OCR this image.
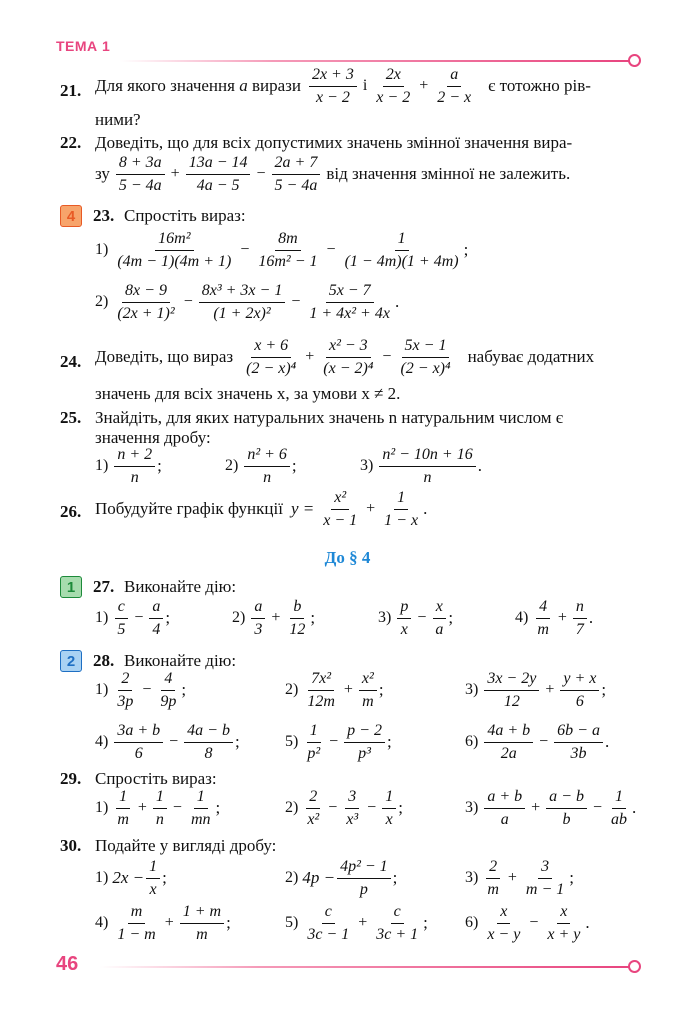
ТЕМА 1
21. Для якого значення
a
вирази $\frac{2x + 3}{x - 2}$ і $\frac{2x}{x - 2} + \frac{a}{2 - x}$ є тотожно рів-
ними?
22. Доведіть, що для всіх допустимих значень змінної значення вира-
зу $\frac{8 + 3a}{5 - 4a} + \frac{13a - 14}{4a - 5} - \frac{2a + 7}{5 - 4a}$ від значення змінної не залежить.
4	23. Спростіть вираз:
$1) \frac{\text{16m²}}{(4m - 1)(4m + 1)} - \frac{8m}{\text{16m² − 1}} - \frac{1}{(1 - 4m)(1 + 4m)}$ ;
$2) \frac{8x - 9}{\text{(2x + 1)²}} - \frac{\text{8x³ + 3x − 1}}{\text{(1 + 2x)²}} - \frac{5x - 7}{\text{1 + 4x² + 4x}}$ .
24. Доведіть, що вираз $\frac{x + 6}{\text{(2 − x)⁴}} + \frac{\text{x² − 3}}{\text{(x − 2)⁴}} - \frac{5x - 1}{\text{(2 − x)⁴}}$ набуває додатних
значень для всіх значень x, за умови x ≠ 2.
25. Знайдіть, для яких натуральних значень n натуральним числом є
значення дробу:
$1) \frac{n + 2}{n}$ ;	$2) \frac{\text{n² + 6}}{n}$ ;	$3) \frac{\text{n² − 10n + 16}}{n}$ .
26. Побудуйте графік функції $y = \frac{\text{x²}}{x - 1} + \frac{1}{1 - x}$ .
До § 4
1	27. Виконайте дію:
$1) \frac{c}{5} - \frac{a}{4}$ ;	$2) \frac{a}{3} + \frac{b}{12}$ ;	$3) \frac{p}{x} - \frac{x}{a}$ ;	$4) \frac{4}{m} + \frac{n}{7}$ .
2	28. Виконайте дію:
$1) \frac{2}{3p} - \frac{4}{9p}$ ;	$2) \frac{\text{7x²}}{12m} + \frac{\text{x²}}{m}$ ;	$3) \frac{3x - 2y}{12} + \frac{y + x}{6}$ ;
$4) \frac{3a + b}{6} - \frac{4a - b}{8}$ ;	$5) \frac{1}{\text{p²}} - \frac{p - 2}{\text{p³}}$ ;	$6) \frac{4a + b}{2a} - \frac{6b - a}{3b}$ .
29. Спростіть вираз:
$1) \frac{1}{m} + \frac{1}{n} - \frac{1}{mn}$ ;	$2) \frac{2}{\text{x²}} - \frac{3}{\text{x³}} - \frac{1}{x}$ ;	$3) \frac{a + b}{a} + \frac{a - b}{b} - \frac{1}{ab}$ .
30. Подайте у вигляді дробу:
1) $2x - \frac{1}{x}$ ;	2) $4p - \frac{\text{4p² − 1}}{p}$ ;	$3) \frac{2}{m} + \frac{3}{m - 1}$ ;
$4) \frac{m}{1 - m} + \frac{1 + m}{m}$ ;	$5) \frac{c}{3c - 1} + \frac{c}{3c + 1}$ ; $6) \frac{x}{x - y} - \frac{x}{x + y}$ .
46
